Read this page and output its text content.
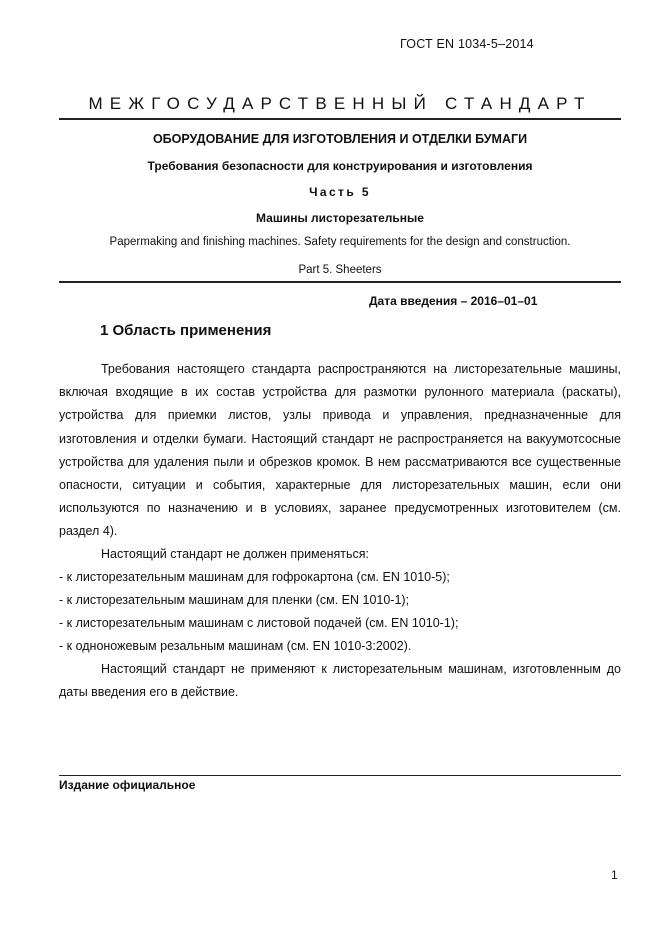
ГОСТ EN 1034-5–2014
МЕЖГОСУДАРСТВЕННЫЙ СТАНДАРТ
ОБОРУДОВАНИЕ ДЛЯ ИЗГОТОВЛЕНИЯ И ОТДЕЛКИ БУМАГИ
Требования безопасности для конструирования и изготовления
Часть 5
Машины листорезательные
Papermaking and finishing machines. Safety requirements for the design and construction.
Part 5. Sheeters
Дата введения – 2016–01–01
1 Область применения
Требования настоящего стандарта распространяются на листорезательные машины, включая входящие в их состав устройства для размотки рулонного материала (раскаты), устройства для приемки листов, узлы привода и управления, предназначенные для изготовления и отделки бумаги. Настоящий стандарт не распространяется на вакуумотсосные устройства для удаления пыли и обрезков кромок. В нем рассматриваются все существенные опасности, ситуации и события, характерные для листорезательных машин, если они используются по назначению и в условиях, заранее предусмотренных изготовителем (см. раздел 4).
Настоящий стандарт не должен применяться:
- к листорезательным машинам для гофрокартона (см. EN 1010-5);
- к листорезательным машинам для пленки (см. EN 1010-1);
- к листорезательным машинам с листовой подачей (см. EN 1010-1);
- к одноножевым резальным машинам (см. EN 1010-3:2002).
Настоящий стандарт не применяют к листорезательным машинам, изготовленным до даты введения его в действие.
Издание официальное
1
